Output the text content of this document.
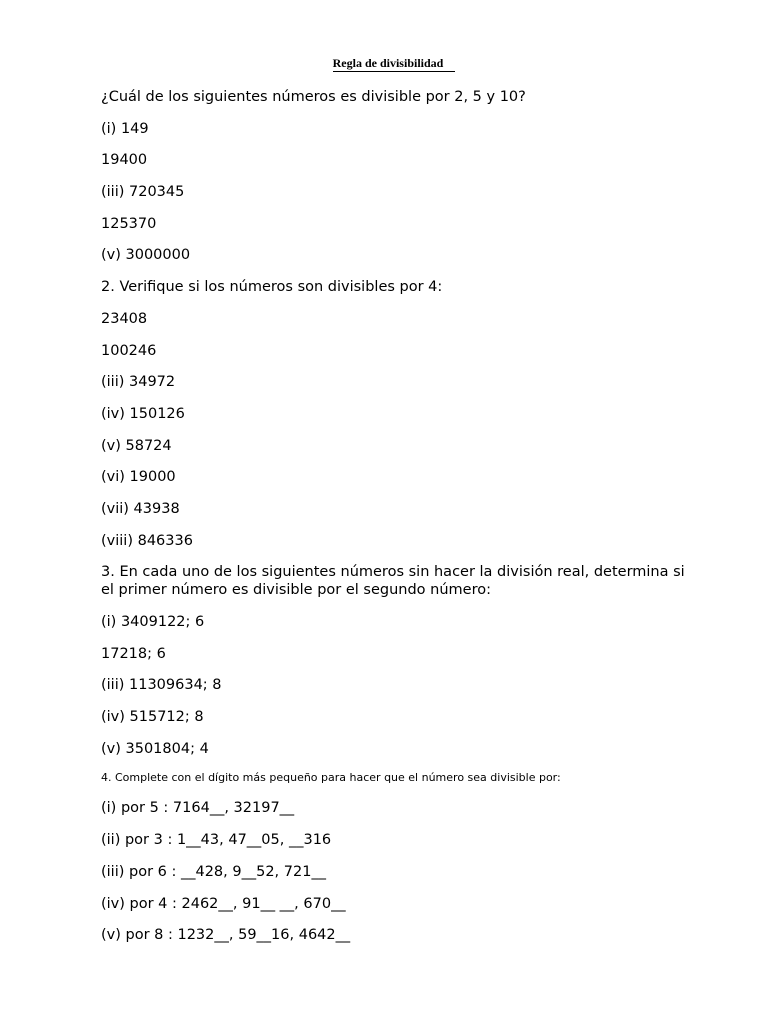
Regla de divisibilidad
¿Cuál de los siguientes números es divisible por 2, 5 y 10?
(i) 149
19400
(iii) 720345
125370
(v) 3000000
2. Verifique si los números son divisibles por 4:
23408
100246
(iii) 34972
(iv) 150126
(v) 58724
(vi) 19000
(vii) 43938
(viii) 846336
3. En cada uno de los siguientes números sin hacer la división real, determina si el primer número es divisible por el segundo número:
(i) 3409122; 6
17218; 6
(iii) 11309634; 8
(iv) 515712; 8
(v) 3501804; 4
4. Complete con el dígito más pequeño para hacer que el número sea divisible por:
(i) por 5 : 7164__, 32197__
(ii) por 3 : 1__43, 47__05, __316
(iii) por 6 : __428, 9__52, 721__
(iv) por 4 : 2462__, 91__ __, 670__
(v) por 8 : 1232__, 59__16, 4642__
